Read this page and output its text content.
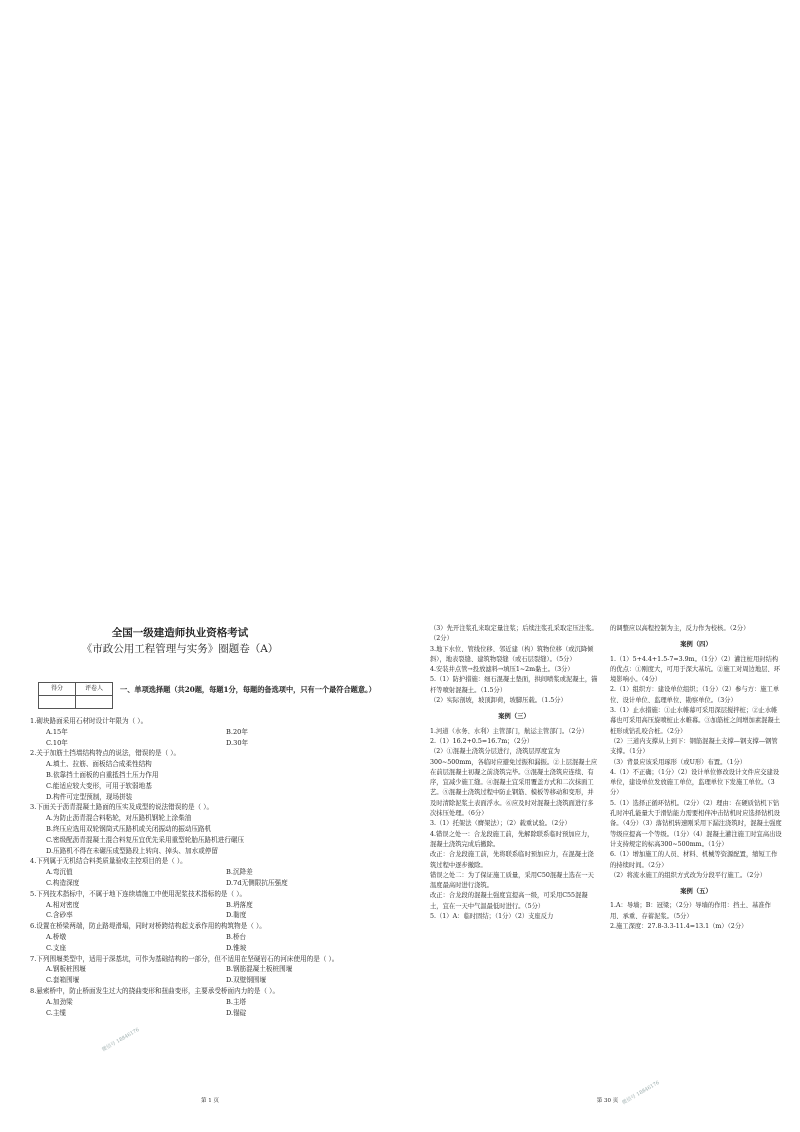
全国一级建造师执业资格考试
《市政公用工程管理与实务》圈题卷（A）
得分	评卷人
	一、单项选择题（共20题，每题1分，每题的备选项中，只有一个最符合题意。）
1.砌块路面采用石材时设计年限为（ ）。
A.15年	B.20年
C.10年	D.30年
2.关于加筋土挡墙结构特点的说法，错误的是（ ）。
A.填土、拉筋、面板结合成柔性结构
B.依靠挡土面板的自重抵挡土压力作用
C.能适应较大变形，可用于软弱地基
D.构件可定型预制，现场拼装
3.下面关于沥青混凝土路面的压实及成型的说法错误的是（ ）。
A.为防止沥青混合料粘轮，对压路机钢轮上涂柴油
B.终压应选用双轮钢筒式压路机或关闭振动的振动压路机
C.密级配沥青混凝土混合料复压宜优先采用重型轮胎压路机进行碾压
D.压路机不得在未碾压成型路段上转向、掉头、加水或停留
4.下列属于无机结合料类质量验收主控项目的是（ ）。
A.弯沉值	B.沉降差
C.构造深度	D.7d无侧限抗压强度
5.下列技术指标中，不属于地下连续墙施工中使用泥浆技术指标的是（ ）。
A.相对密度	B.坍落度
C.含砂率	D.黏度
6.设置在桥梁两端，防止路堤滑塌，同时对桥跨结构起支承作用的构筑物是（ ）。
A.桥墩	B.桥台
C.支座	D.锥坡
7.下列围堰类型中，适用于深基坑，可作为基础结构的一部分，但不适用在坚硬岩石的河床使用的是（ ）。
A.钢板桩围堰	B.钢筋混凝土板桩围堰
C.套箱围堰	D.双壁钢围堰
8.悬索桥中，防止桥面发生过大的挠曲变形和扭曲变形，主要承受桥面内力的是（ ）。
A.加劲梁	B.主塔
C.主缆	D.锚碇
微信号 18846176
第 1 页
（3）先开注浆孔来取定量注浆；后续注浆孔采取定压注浆。（2分）
3.地下水位、管线位移、邻近建（构）筑物位移（或沉降倾斜），地表裂缝、建筑物裂缝（或石层裂缝）。（5分）
4.安装井点管→投放滤料→填压1~2m黏土。（3分）
5.（1）防护措施：细石混凝土垫面，拱间喷浆或泥凝土，锚杆等喷射混凝土。（1.5分）
（2）实际剖坡，坡顶卸荷，坡脚压载。（1.5分）
案例（三）
1.河道（水务、水利）主管部门，航运主管部门。（2分）
2.（1）16.2+0.5=16.7m；（2分）
（2）①混凝土浇筑分层进行，浇筑层厚度宜为300~500mm，各临时应避免过振和漏振。②上层混凝土应在前层混凝土初凝之前浇筑完毕。③混凝土浇筑应连续、有序，宜减少施工缝。④混凝土宜采用覆盖方式和二次抹面工艺。⑤混凝土浇筑过程中防止钢筋、模板等移动和变形，并及时清除泥浆土表面浮水。⑥应及时对混凝土浇筑面进行多次抹压处理。（6分）
3.（1）托架法（膺架法）；（2）载重试验。（2分）
4.错误之处一：合龙段施工前，先解除联系临时预加应力，混凝土浇筑完成后撤除。
改正：合龙段施工前，先将联系临时预加应力，在混凝土浇筑过程中逐步撤除。
错误之处二：为了保证施工质量，采用C50混凝土选在一天温度最高时进行浇筑。
改正：合龙段的混凝土强度宜提高一级，可采用C55混凝土，宜在一天中气温最低时进行。（5分）
5.（1）A：临时固结；（1分）（2）支座反力
的调整应以高程控制为主，反力作为校核。（2分）
案例（四）
1.（1）5+4.4+1.5-7=3.9m。（1分）（2）灌注桩用封结构的优点：①刚度大，可用于深大基坑。②施工对周边地层、环境影响小。（4分）
2.（1）组织方：建设单位组织；（1分）（2）参与方：施工单位、设计单位、监理单位、勘察单位。（3分）
3.（1）止水措施：①止水帷幕可采用深层搅拌桩；②止水帷幕也可采用高压旋喷桩止水帷幕。③加筋桩之间增加素混凝土桩形成钻孔咬合桩。（2分）
（2）三道内支撑从上到下：钢筋混凝土支撑—钢支撑—钢管支撑。（1分）
（3）背景应该采用琢形（或U形）布置。（1分）
4.（1）不正确；（1分）（2）设计单位修改设计文件应交建设单位，建设单位发放施工单位，监理单位下发施工单位。（3分）
5.（1）选择正循环钻机。（2分）（2）理由：在硬质钻机下钻孔时冲孔能量大于滑钻能力需要相伴冲击钻机时应选择钻机设备。（4分）（3）落钻机转速刚采用下漏注浇筑时，混凝土强度等级应提高一个等级。（1分）（4）混凝土灌注施工时宜高出设计支持规定的标高300~500mm。（1分）
6.（1）增加施工的人员、材料、机械等资源配置，缩短工作的持续时间。（2分）
（2）将流水施工的组织方式改为分段平行施工。（2分）
案例（五）
1.A：导墙；B：冠梁；（2分）导墙的作用：挡土、基准作用、承重、存蓄泥浆。（5分）
2.施工深度：27.8-3.3-11.4=13.1（m）（2分）
微信号 18846176
第 30 页
